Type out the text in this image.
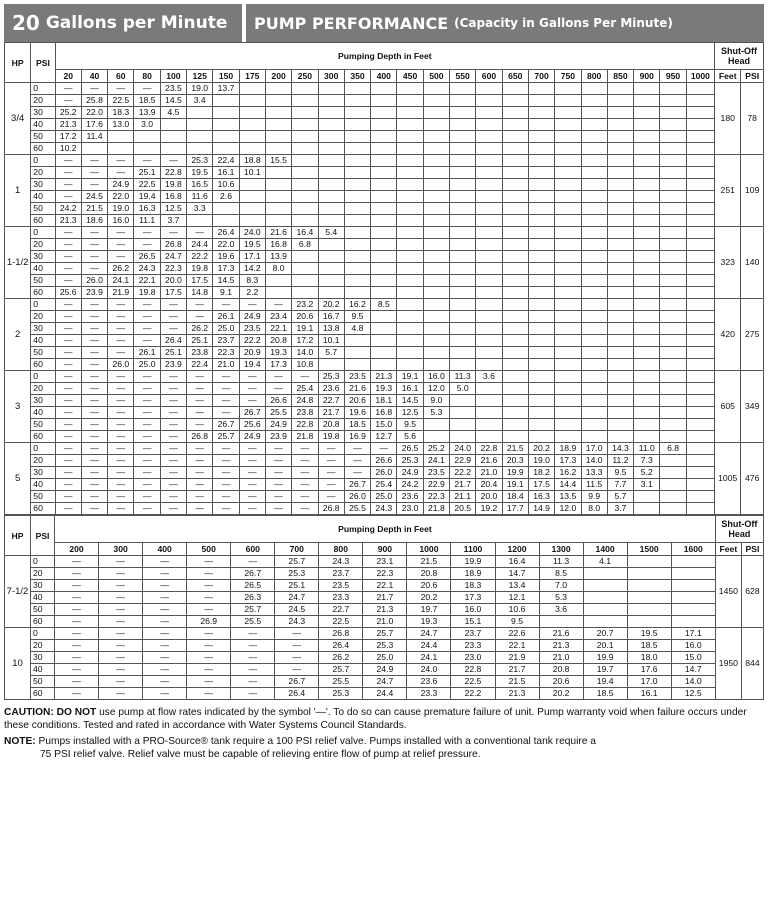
20 Gallons per Minute PUMP PERFORMANCE (Capacity in Gallons Per Minute)
HP	PSI	Pumping Depth in Feet																									Shut-Off Head	
		20	40	60	80	100	125	150	175	200	250	300	350	400	450	500	550	600	650	700	750	800	850	900	950	1000	Feet	PSI
3/4	0	—	—	—	—	23.5	19.0	13.7																			180	78
	20	—	25.8	22.5	18.5	14.5	3.4																					
	30	25.2	22.0	18.3	13.9	4.5																						
	40	21.3	17.6	13.0	3.0																							
	50	17.2	11.4																									
	60	10.2																										
1	0	—	—	—	—	—	25.3	22.4	18.8	15.5																	251	109
	20	—	—	—	25.1	22.8	19.5	16.1	10.1																			
	30	—	—	24.9	22.5	19.8	16.5	10.6																				
	40	—	24.5	22.0	19.4	16.8	11.6	2.6																				
	50	24.2	21.5	19.0	16.3	12.5	3.3																					
	60	21.3	18.6	16.0	11.1	3.7																						
1-1/2	0	—	—	—	—	—	—	26.4	24.0	21.6	16.4	5.4															323	140
	20	—	—	—	—	26.8	24.4	22.0	19.5	16.8	6.8																	
	30	—	—	—	26.5	24.7	22.2	19.6	17.1	13.9																		
	40	—	—	26.2	24.3	22.3	19.8	17.3	14.2	8.0																		
	50	—	26.0	24.1	22.1	20.0	17.5	14.5	8.3																			
	60	25.6	23.9	21.9	19.8	17.5	14.8	9.1	2.2																			
2	0	—	—	—	—	—	—	—	—	—	23.2	20.2	16.2	8.5													420	275
	20	—	—	—	—	—	—	26.1	24.9	23.4	20.6	16.7	9.5															
	30	—	—	—	—	—	26.2	25.0	23.5	22.1	19.1	13.8	4.8															
	40	—	—	—	—	26.4	25.1	23.7	22.2	20.8	17.2	10.1																
	50	—	—	—	26.1	25.1	23.8	22.3	20.9	19.3	14.0	5.7																
	60	—	—	26.0	25.0	23.9	22.4	21.0	19.4	17.3	10.8																	
3	0	—	—	—	—	—	—	—	—	—	—	25.3	23.5	21.3	19.1	16.0	11.3	3.6									605	349
	20	—	—	—	—	—	—	—	—	—	25.4	23.6	21.6	19.3	16.1	12.0	5.0											
	30	—	—	—	—	—	—	—	—	26.6	24.8	22.7	20.6	18.1	14.5	9.0												
	40	—	—	—	—	—	—	—	26.7	25.5	23.8	21.7	19.6	16.8	12.5	5.3												
	50	—	—	—	—	—	—	26.7	25.6	24.9	22.8	20.8	18.5	15.0	9.5													
	60	—	—	—	—	—	26.8	25.7	24.9	23.9	21.8	19.8	16.9	12.7	5.6													
5	0	—	—	—	—	—	—	—	—	—	—	—	—	—	26.5	25.2	24.0	22.8	21.5	20.2	18.9	17.0	14.3	11.0	6.8		1005	476
	20	—	—	—	—	—	—	—	—	—	—	—	—	26.6	25.3	24.1	22.9	21.6	20.3	19.0	17.3	14.0	11.2	7.3				
	30	—	—	—	—	—	—	—	—	—	—	—	—	26.0	24.9	23.5	22.2	21.0	19.9	18.2	16.2	13.3	9.5	5.2				
	40	—	—	—	—	—	—	—	—	—	—	—	26.7	25.4	24.2	22.9	21.7	20.4	19.1	17.5	14.4	11.5	7.7	3.1				
	50	—	—	—	—	—	—	—	—	—	—	—	26.0	25.0	23.6	22.3	21.1	20.0	18.4	16.3	13.5	9.9	5.7					
	60	—	—	—	—	—	—	—	—	—	—	26.8	25.5	24.3	23.0	21.8	20.5	19.2	17.7	14.9	12.0	8.0	3.7					
HP	PSI	Pumping Depth in Feet															Shut-Off Head	
		200	300	400	500	600	700	800	900	1000	1100	1200	1300	1400	1500	1600	Feet	PSI
7-1/2	0	—	—	—	—	—	25.7	24.3	23.1	21.5	19.9	16.4	11.3	4.1			1450	628
	20	—	—	—	—	26.7	25.3	23.7	22.3	20.8	18.9	14.7	8.5					
	30	—	—	—	—	26.5	25.1	23.5	22.1	20.6	18.3	13.4	7.0					
	40	—	—	—	—	26.3	24.7	23.3	21.7	20.2	17.3	12.1	5.3					
	50	—	—	—	—	25.7	24.5	22.7	21.3	19.7	16.0	10.6	3.6					
	60	—	—	—	26.9	25.5	24.3	22.5	21.0	19.3	15.1	9.5						
10	0	—	—	—	—	—	—	26.8	25.7	24.7	23.7	22.6	21.6	20.7	19.5	17.1	1950	844
	20	—	—	—	—	—	—	26.4	25.3	24.4	23.3	22.1	21.3	20.1	18.5	16.0		
	30	—	—	—	—	—	—	26.2	25.0	24.1	23.0	21.9	21.0	19.9	18.0	15.0		
	40	—	—	—	—	—	—	25.7	24.9	24.0	22.8	21.7	20.8	19.7	17.6	14.7		
	50	—	—	—	—	—	26.7	25.5	24.7	23.6	22.5	21.5	20.6	19.4	17.0	14.0		
	60	—	—	—	—	—	26.4	25.3	24.4	23.3	22.2	21.3	20.2	18.5	16.1	12.5		

CAUTION: DO NOT use pump at flow rates indicated by the symbol '—'. To do so can cause premature failure of unit. Pump warranty void when failure occurs under these conditions. Tested and rated in accordance with Water Systems Council Standards.

NOTE: Pumps installed with a PRO-Source® tank require a 100 PSI relief valve. Pumps installed with a conventional tank require a
75 PSI relief valve. Relief valve must be capable of relieving entire flow of pump at relief pressure.
